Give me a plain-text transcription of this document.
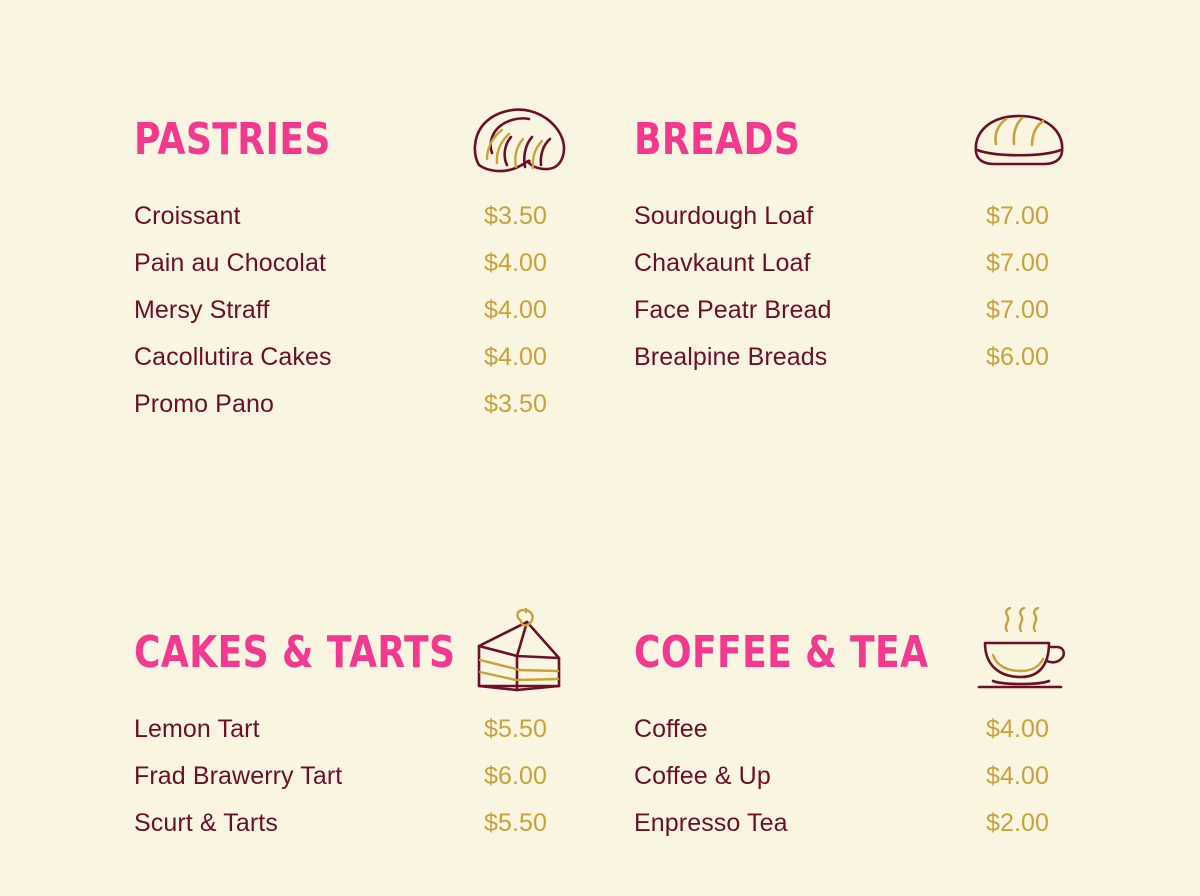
PASTRIES
Croissant	$3.50
Pain au Chocolat	$4.00
Mersy Straff	$4.00
Cacollutira Cakes	$4.00
Promo Pano	$3.50
BREADS
Sourdough Loaf	$7.00
Chavkaunt Loaf	$7.00
Face Peatr Bread	$7.00
Brealpine Breads	$6.00
CAKES & TARTS
Lemon Tart	$5.50
Frad Brawerry Tart	$6.00
Scurt & Tarts	$5.50
COFFEE & TEA
Coffee	$4.00
Coffee & Up	$4.00
Enpresso Tea	$2.00
